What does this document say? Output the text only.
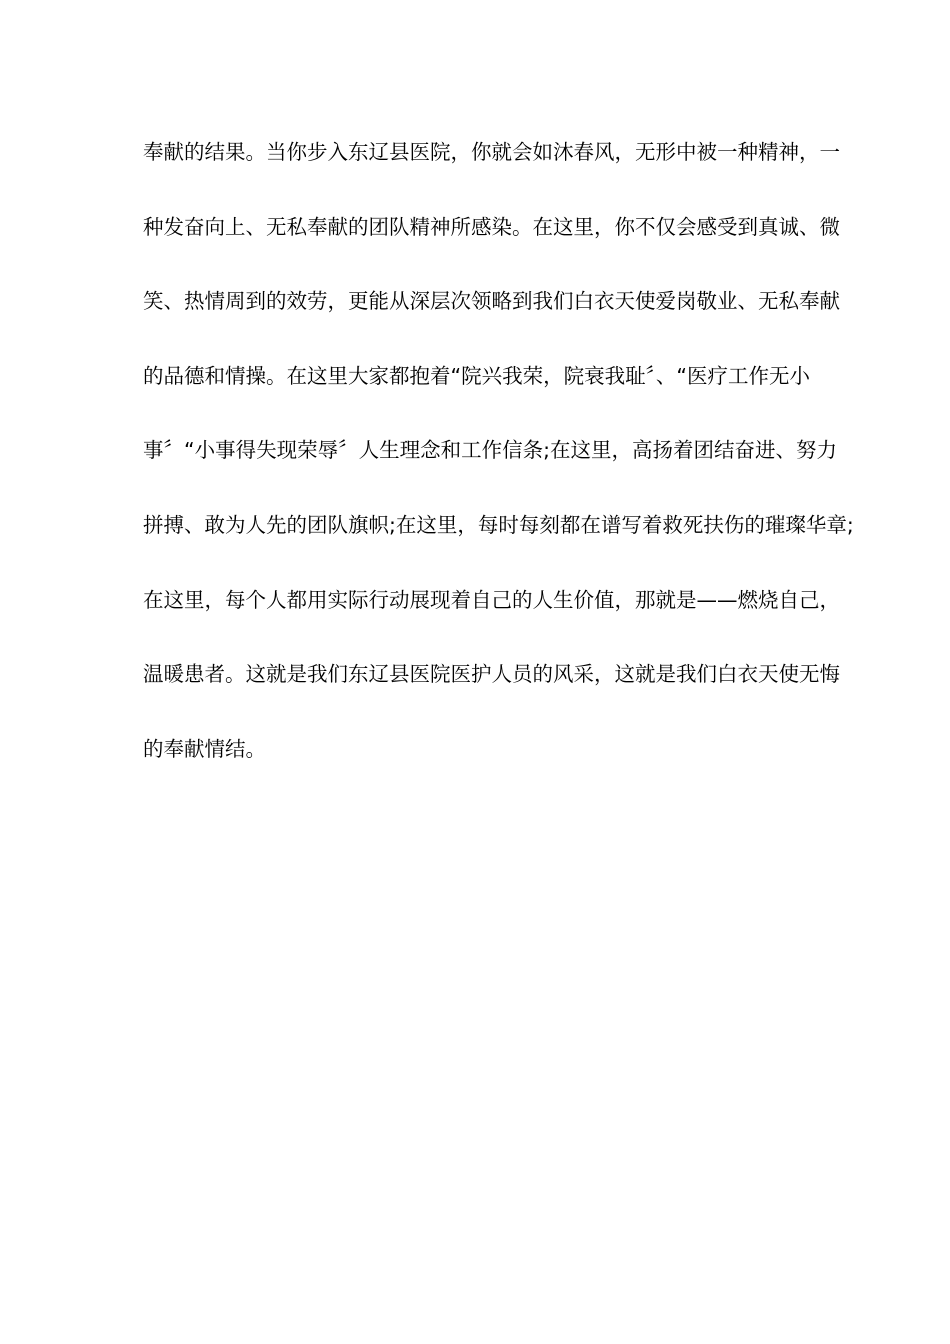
奉献的结果。当你步入东辽县医院，你就会如沐春风，无形中被一种精神，一
种发奋向上、无私奉献的团队精神所感染。在这里，你不仅会感受到真诚、微
笑、热情周到的效劳，更能从深层次领略到我们白衣天使爱岗敬业、无私奉献
的品德和情操。在这里大家都抱着“院兴我荣，院衰我耻〞、“医疗工作无小
事〞“小事得失现荣辱〞人生理念和工作信条;在这里，高扬着团结奋进、努力
拼搏、敢为人先的团队旗帜;在这里，每时每刻都在谱写着救死扶伤的璀璨华章;
在这里，每个人都用实际行动展现着自己的人生价值，那就是——燃烧自己，
温暖患者。这就是我们东辽县医院医护人员的风采，这就是我们白衣天使无悔
的奉献情结。
